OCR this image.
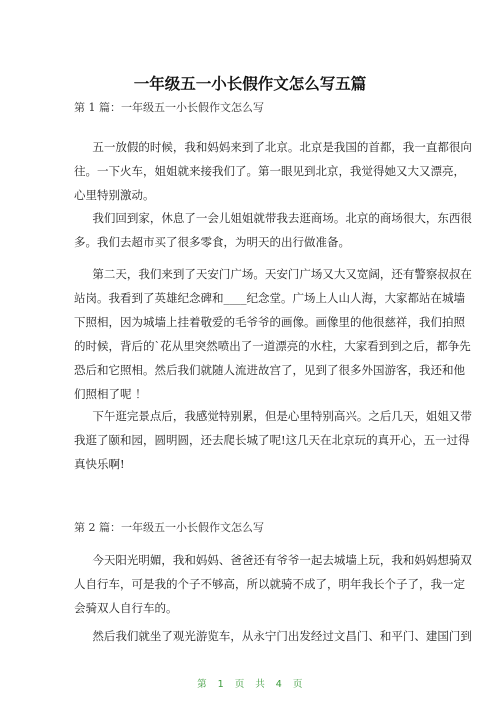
一年级五一小长假作文怎么写五篇
第 1 篇：一年级五一小长假作文怎么写
五一放假的时候，我和妈妈来到了北京。北京是我国的首都，我一直都很向
往。一下火车，姐姐就来接我们了。第一眼见到北京，我觉得她又大又漂亮，
心里特别激动。
我们回到家，休息了一会儿姐姐就带我去逛商场。北京的商场很大，东西很
多。我们去超市买了很多零食，为明天的出行做准备。
第二天，我们来到了天安门广场。天安门广场又大又宽阔，还有警察叔叔在
站岗。我看到了英雄纪念碑和____纪念堂。广场上人山人海，大家都站在城墙
下照相，因为城墙上挂着敬爱的毛爷爷的画像。画像里的他很慈祥，我们拍照
的时候，背后的`花从里突然喷出了一道漂亮的水柱，大家看到到之后，都争先
恐后和它照相。然后我们就随人流进故宫了，见到了很多外国游客，我还和他
们照相了呢 ！
下午逛完景点后，我感觉特别累，但是心里特别高兴。之后几天，姐姐又带
我逛了颐和园，圆明圆，还去爬长城了呢!这几天在北京玩的真开心，五一过得
真快乐啊!
第 2 篇：一年级五一小长假作文怎么写
今天阳光明媚，我和妈妈、爸爸还有爷爷一起去城墙上玩，我和妈妈想骑双
人自行车，可是我的个子不够高，所以就骑不成了，明年我长个子了，我一定
会骑双人自行车的。
然后我们就坐了观光游览车，从永宁门出发经过文昌门、和平门、建国门到
第 1 页 共 4 页
